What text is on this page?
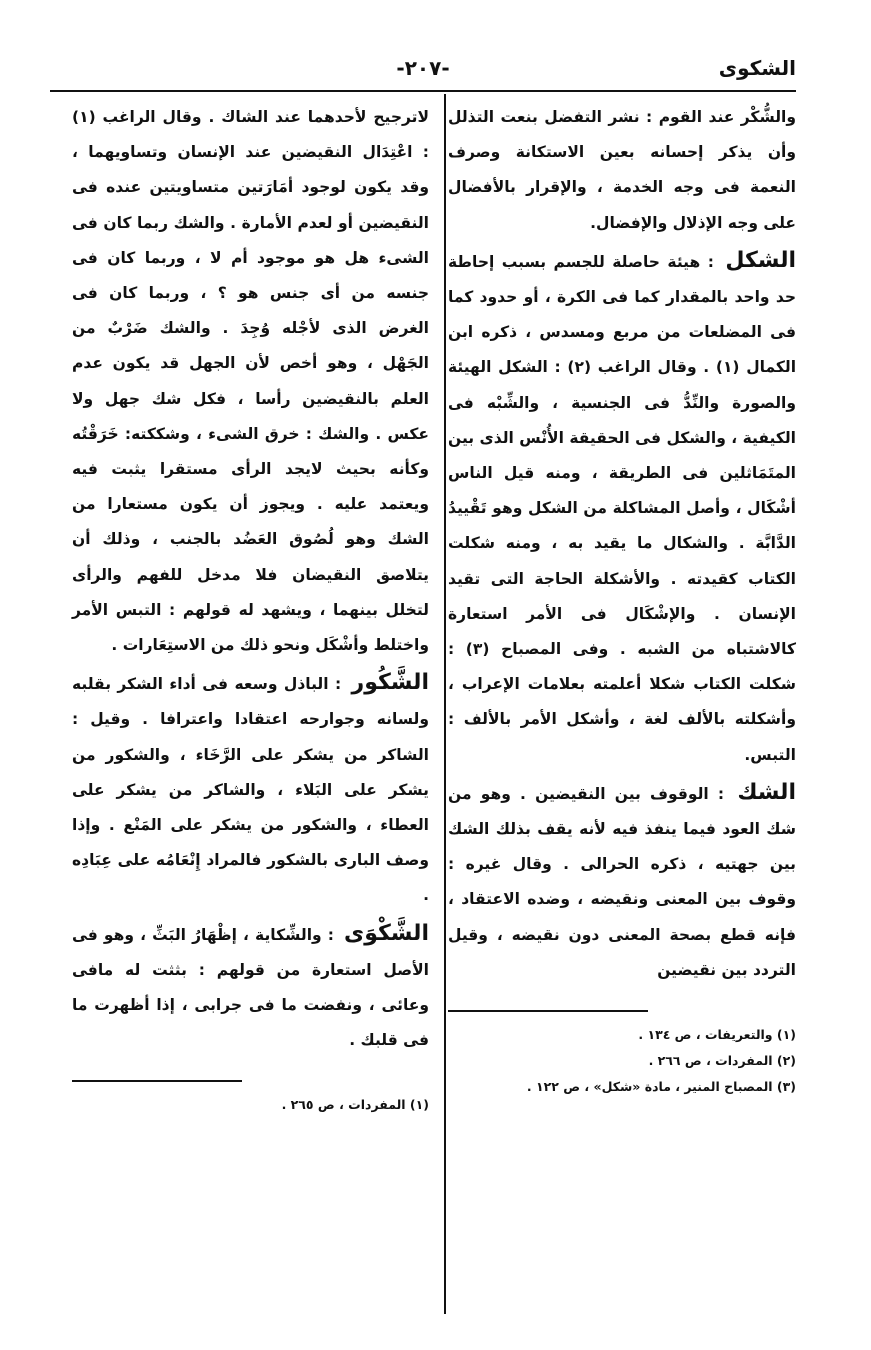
الشكوى
-٢٠٧-

والشُّكْر عند القوم : نشر التفضل بنعت التذلل وأن يذكر إحسانه بعين الاستكانة وصرف النعمة فى وجه الخدمة ، والإقرار بالأفضال على وجه الإذلال والإفضال.

الشكل : هيئة حاصلة للجسم بسبب إحاطة حد واحد بالمقدار كما فى الكرة ، أو حدود كما فى المضلعات من مربع ومسدس ، ذكره ابن الكمال (١) . وقال الراغب (٢) : الشكل الهيئة والصورة والنِّدُّ فى الجنسية ، والشِّبْه فى الكيفية ، والشكل فى الحقيقة الأُنْس الذى بين المتَمَاثلين فى الطريقة ، ومنه قيل الناس أشْكَال ، وأصل المشاكلة من الشكل وهو تَقْييدُ الدَّابَّة . والشكال ما يقيد به ، ومنه شكلت الكتاب كقيدته . والأشكلة الحاجة التى تقيد الإنسان . والإشْكَال فى الأمر استعارة كالاشتباه من الشبه . وفى المصباح (٣) : شكلت الكتاب شكلا أعلمته بعلامات الإعراب ، وأشكلته بالألف لغة ، وأشكل الأمر بالألف : التبس.

الشك : الوقوف بين النقيضين . وهو من شك العود فيما ينفذ فيه لأنه يقف بذلك الشك بين جهتيه ، ذكره الحرالى . وقال غيره : وقوف بين المعنى ونقيضه ، وضده الاعتقاد ، فإنه قطع بصحة المعنى دون نقيضه ، وقيل التردد بين نقيضين

(١) والتعريفات ، ص ١٣٤ .

(٢) المفردات ، ص ٢٦٦ .

(٣) المصباح المنير ، مادة «شكل» ، ص ١٢٢ .

لاترجيح لأحدهما عند الشاك . وقال الراغب (١) : اعْتِدَال النقيضين عند الإنسان وتساويهما ، وقد يكون لوجود أمَارَتين متساويتين عنده فى النقيضين أو لعدم الأمارة . والشك ربما كان فى الشىء هل هو موجود أم لا ، وربما كان فى جنسه من أى جنس هو ؟ ، وربما كان فى الغرض الذى لأجْله وُجِدَ . والشك ضَرْبٌ من الجَهْل ، وهو أخص لأن الجهل قد يكون عدم العلم بالنقيضين رأسا ، فكل شك جهل ولا عكس . والشك : خرق الشىء ، وشككته: خَرَقْتُه وكأنه بحيث لايجد الرأى مستقرا يثبت فيه ويعتمد عليه . ويجوز أن يكون مستعارا من الشك وهو لُصُوق العَضُد بالجنب ، وذلك أن يتلاصق النقيضان فلا مدخل للفهم والرأى لتخلل بينهما ، ويشهد له قولهم : التبس الأمر واختلط وأشْكَل ونحو ذلك من الاستِعَارات .

الشَّكُور : الباذل وسعه فى أداء الشكر بقلبه ولسانه وجوارحه اعتقادا واعترافا . وقيل : الشاكر من يشكر على الرَّخَاء ، والشكور من يشكر على البَلاء ، والشاكر من يشكر على العطاء ، والشكور من يشكر على المَنْع . وإذا وصف البارى بالشكور فالمراد إِنْعَامُه على عِبَادِه .

الشَّكْوَى : والشِّكاية ، إظْهَارُ البَثِّ ، وهو فى الأصل استعارة من قولهم : بثثت له مافى وعائى ، ونفضت ما فى جرابى ، إذا أظهرت ما فى قلبك .

(١) المفردات ، ص ٢٦٥ .
